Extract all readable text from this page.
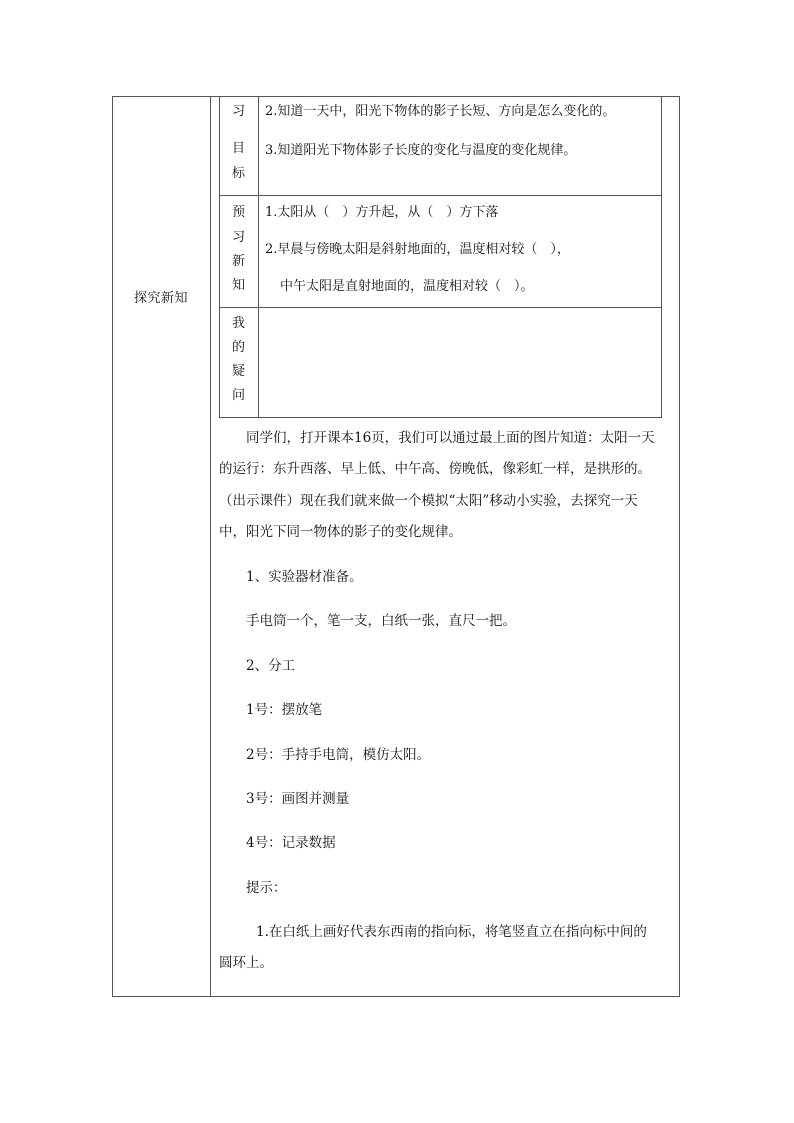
探究新知
习
目
标
2.知道一天中，阳光下物体的影子长短、方向是怎么变化的。
3.知道阳光下物体影子长度的变化与温度的变化规律。
预
习
新
知
1.太阳从（　）方升起，从（　）方下落
2.早晨与傍晚太阳是斜射地面的，温度相对较（　），
中午太阳是直射地面的，温度相对较（　）。
我
的
疑
问
同学们，打开课本16页，我们可以通过最上面的图片知道：太阳一天
的运行：东升西落、早上低、中午高、傍晚低，像彩虹一样，是拱形的。
（出示课件）现在我们就来做一个模拟“太阳”移动小实验，去探究一天
中，阳光下同一物体的影子的变化规律。
1、实验器材准备。
手电筒一个，笔一支，白纸一张，直尺一把。
2、分工
1号：摆放笔
2号：手持手电筒，模仿太阳。
3号：画图并测量
4号：记录数据
提示：
1.在白纸上画好代表东西南的指向标，将笔竖直立在指向标中间的
圆环上。
